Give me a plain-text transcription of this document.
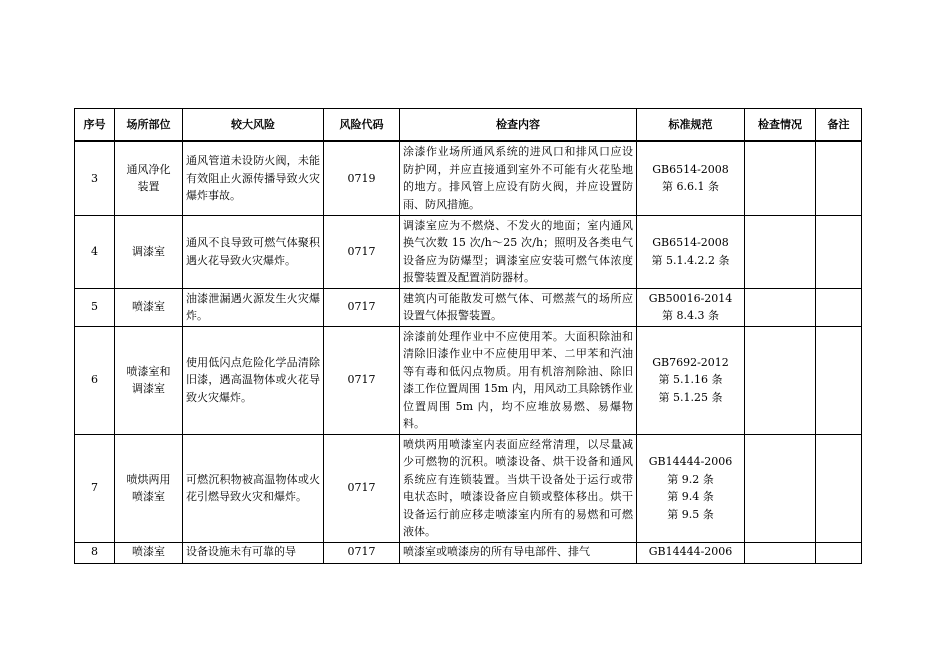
序号	场所部位	较大风险	风险代码	检查内容	标准规范	检查情况	备注
3	通风净化
装置	通风管道未设防火阀，未能有效阻止火源传播导致火灾爆炸事故。	0719	涂漆作业场所通风系统的进风口和排风口应设防护网，并应直接通到室外不可能有火花坠地的地方。排风管上应设有防火阀，并应设置防雨、防风措施。	GB6514-2008
第 6.6.1 条		
4	调漆室	通风不良导致可燃气体聚积遇火花导致火灾爆炸。	0717	调漆室应为不燃烧、不发火的地面；室内通风换气次数 15 次/h～25 次/h；照明及各类电气设备应为防爆型；调漆室应安装可燃气体浓度报警装置及配置消防器材。	GB6514-2008
第 5.1.4.2.2 条		
5	喷漆室	油漆泄漏遇火源发生火灾爆炸。	0717	建筑内可能散发可燃气体、可燃蒸气的场所应设置气体报警装置。	GB50016-2014
第 8.4.3 条		
6	喷漆室和
调漆室	使用低闪点危险化学品清除旧漆，遇高温物体或火花导致火灾爆炸。	0717	涂漆前处理作业中不应使用苯。大面积除油和清除旧漆作业中不应使用甲苯、二甲苯和汽油等有毒和低闪点物质。用有机溶剂除油、除旧漆工作位置周围 15m 内，用风动工具除锈作业位置周围 5m 内，均不应堆放易燃、易爆物料。	GB7692-2012
第 5.1.16 条
第 5.1.25 条		
7	喷烘两用
喷漆室	可燃沉积物被高温物体或火花引燃导致火灾和爆炸。	0717	喷烘两用喷漆室内表面应经常清理，以尽量减少可燃物的沉积。喷漆设备、烘干设备和通风系统应有连锁装置。当烘干设备处于运行或带电状态时，喷漆设备应自锁或整体移出。烘干设备运行前应移走喷漆室内所有的易燃和可燃液体。	GB14444-2006
第 9.2 条
第 9.4 条
第 9.5 条		
8	喷漆室	设备设施未有可靠的导	0717	喷漆室或喷漆房的所有导电部件、排气	GB14444-2006		
